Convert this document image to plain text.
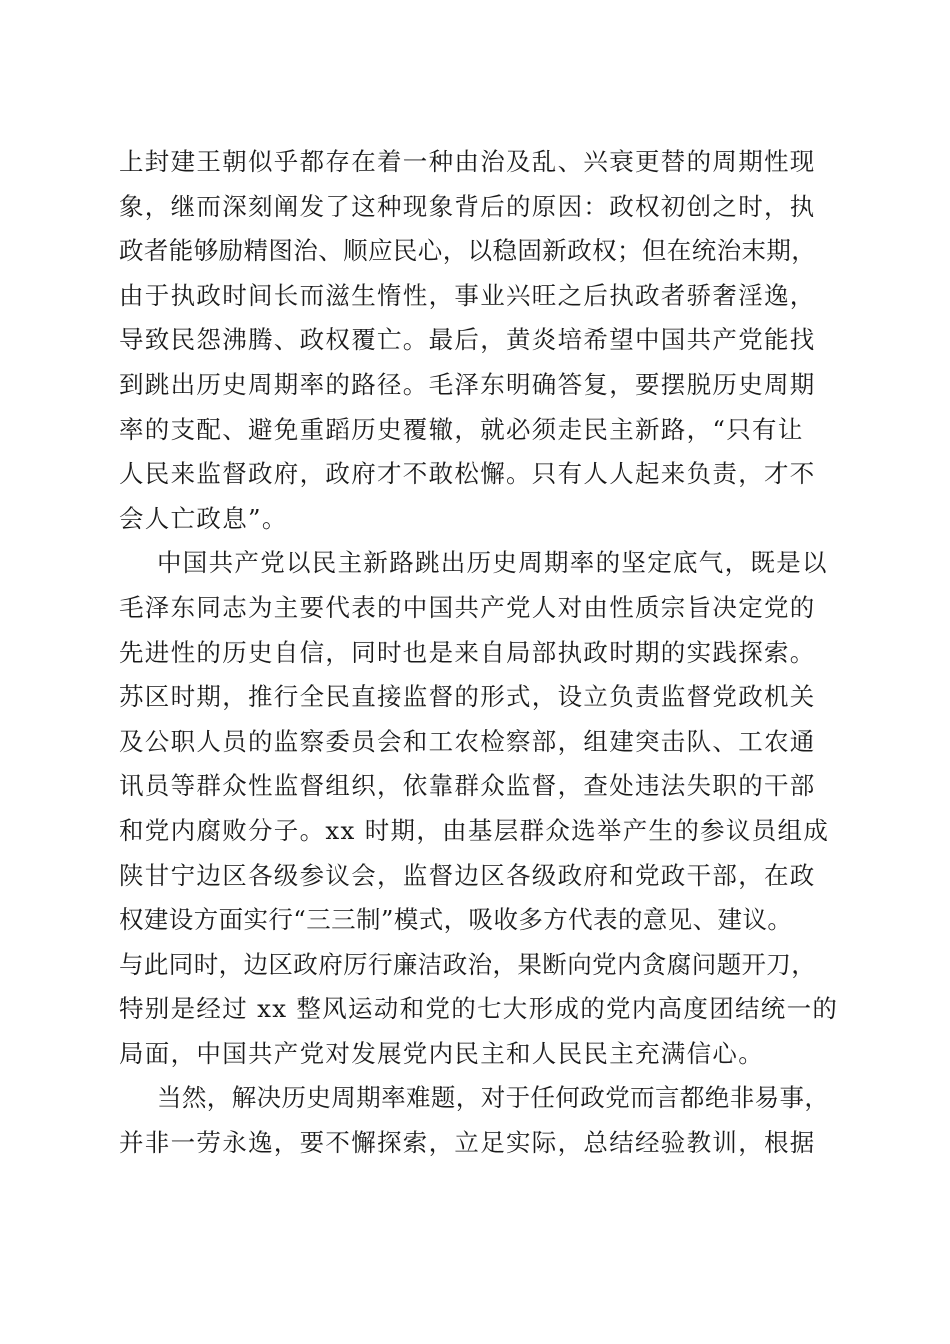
上封建王朝似乎都存在着一种由治及乱、兴衰更替的周期性现
象，继而深刻阐发了这种现象背后的原因：政权初创之时，执
政者能够励精图治、顺应民心，以稳固新政权；但在统治末期，
由于执政时间长而滋生惰性，事业兴旺之后执政者骄奢淫逸，
导致民怨沸腾、政权覆亡。最后，黄炎培希望中国共产党能找
到跳出历史周期率的路径。毛泽东明确答复，要摆脱历史周期
率的支配、避免重蹈历史覆辙，就必须走民主新路，“只有让
人民来监督政府，政府才不敢松懈。只有人人起来负责，才不
会人亡政息”。
中国共产党以民主新路跳出历史周期率的坚定底气，既是以
毛泽东同志为主要代表的中国共产党人对由性质宗旨决定党的
先进性的历史自信，同时也是来自局部执政时期的实践探索。
苏区时期，推行全民直接监督的形式，设立负责监督党政机关
及公职人员的监察委员会和工农检察部，组建突击队、工农通
讯员等群众性监督组织，依靠群众监督，查处违法失职的干部
和党内腐败分子。xx 时期，由基层群众选举产生的参议员组成
陕甘宁边区各级参议会，监督边区各级政府和党政干部，在政
权建设方面实行“三三制”模式，吸收多方代表的意见、建议。
与此同时，边区政府厉行廉洁政治，果断向党内贪腐问题开刀，
特别是经过 xx 整风运动和党的七大形成的党内高度团结统一的
局面，中国共产党对发展党内民主和人民民主充满信心。
当然，解决历史周期率难题，对于任何政党而言都绝非易事，
并非一劳永逸，要不懈探索，立足实际，总结经验教训，根据
